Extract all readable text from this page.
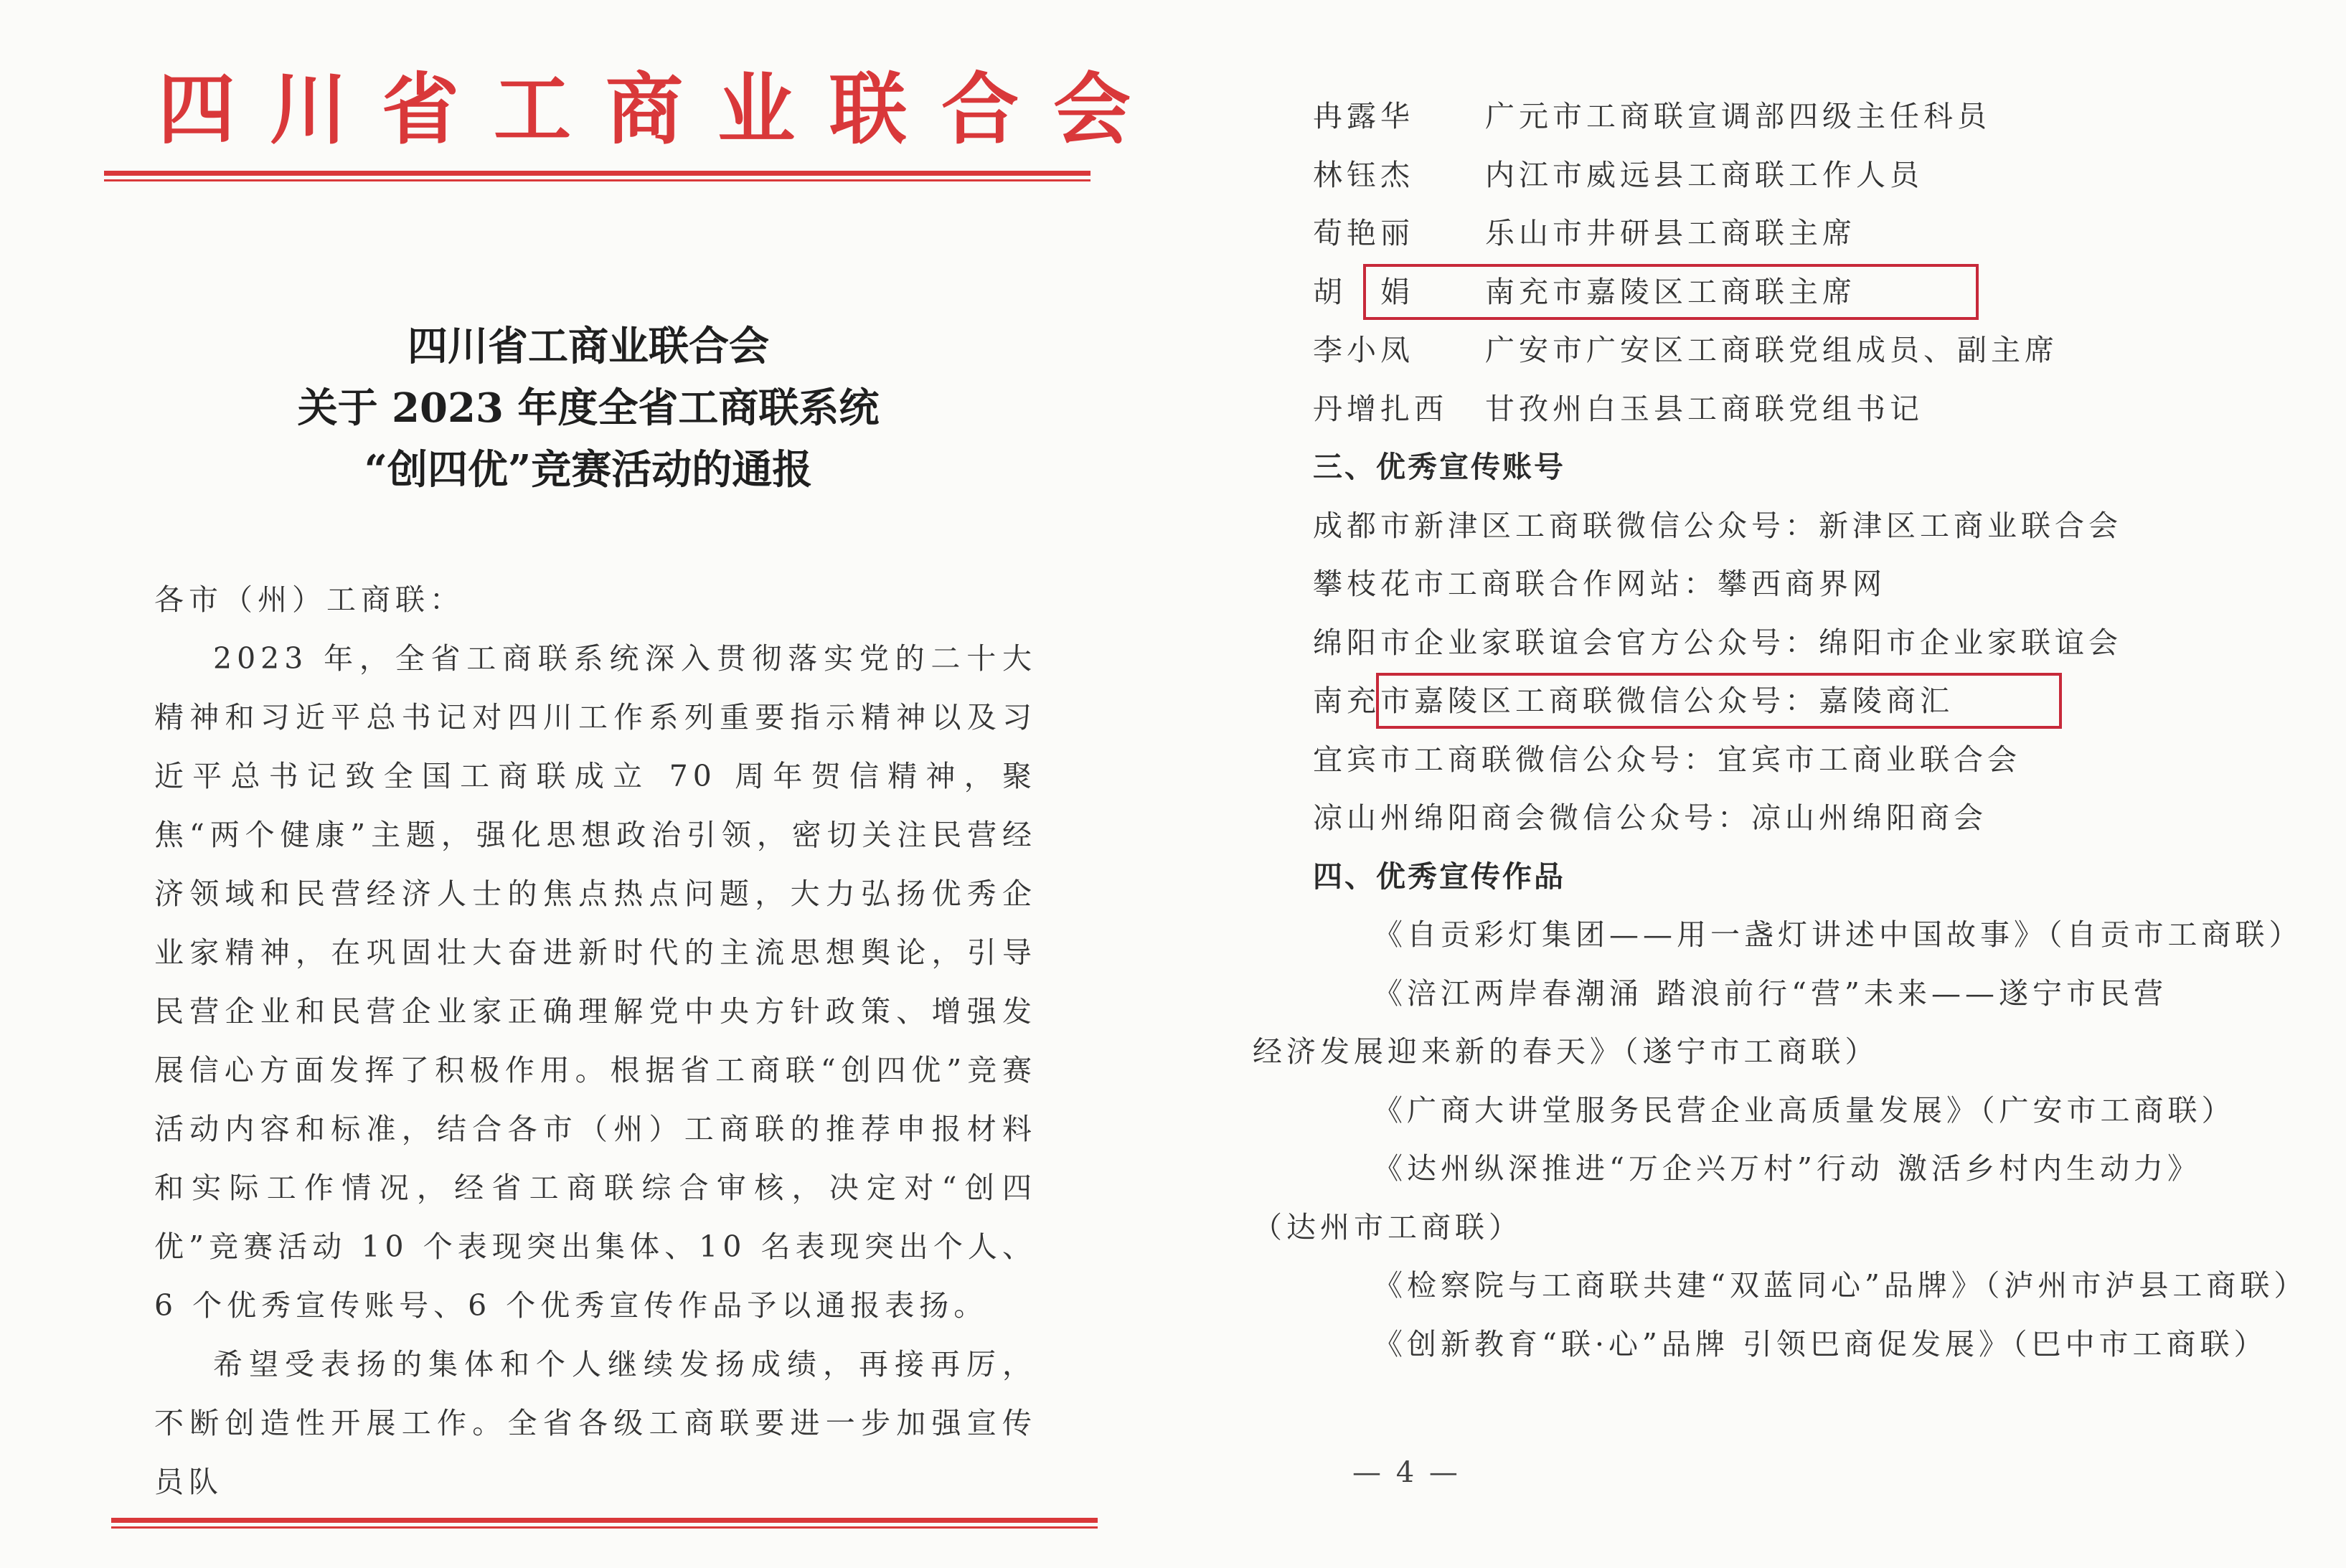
四川省工商业联合会
四川省工商业联合会
关于 2023 年度全省工商联系统
“创四优”竞赛活动的通报

各市（州）工商联：

2023 年，全省工商联系统深入贯彻落实党的二十大精神和习近平总书记对四川工作系列重要指示精神以及习近平总书记致全国工商联成立 70 周年贺信精神，聚焦“两个健康”主题，强化思想政治引领，密切关注民营经济领域和民营经济人士的焦点热点问题，大力弘扬优秀企业家精神，在巩固壮大奋进新时代的主流思想舆论，引导民营企业和民营企业家正确理解党中央方针政策、增强发展信心方面发挥了积极作用。根据省工商联“创四优”竞赛活动内容和标准，结合各市（州）工商联的推荐申报材料和实际工作情况，经省工商联综合审核，决定对“创四优”竞赛活动 10 个表现突出集体、10 名表现突出个人、6 个优秀宣传账号、6 个优秀宣传作品予以通报表扬。

希望受表扬的集体和个人继续发扬成绩，再接再厉，不断创造性开展工作。全省各级工商联要进一步加强宣传员队

冉露华 广元市工商联宣调部四级主任科员
林钰杰 内江市威远县工商联工作人员
荀艳丽 乐山市井研县工商联主席
胡　娟 南充市嘉陵区工商联主席
李小凤 广安市广安区工商联党组成员、副主席
丹增扎西 甘孜州白玉县工商联党组书记
三、优秀宣传账号
成都市新津区工商联微信公众号：新津区工商业联合会
攀枝花市工商联合作网站：攀西商界网
绵阳市企业家联谊会官方公众号：绵阳市企业家联谊会
南充市嘉陵区工商联微信公众号：嘉陵商汇
宜宾市工商联微信公众号：宜宾市工商业联合会
凉山州绵阳商会微信公众号：凉山州绵阳商会
四、优秀宣传作品
《自贡彩灯集团——用一盏灯讲述中国故事》（自贡市工商联）
《涪江两岸春潮涌 踏浪前行“营”未来——遂宁市民营
经济发展迎来新的春天》（遂宁市工商联）
《广商大讲堂服务民营企业高质量发展》（广安市工商联）
《达州纵深推进“万企兴万村”行动 激活乡村内生动力》
（达州市工商联）
《检察院与工商联共建“双蓝同心”品牌》（泸州市泸县工商联）
《创新教育“联·心”品牌 引领巴商促发展》（巴中市工商联）
— 4 —
